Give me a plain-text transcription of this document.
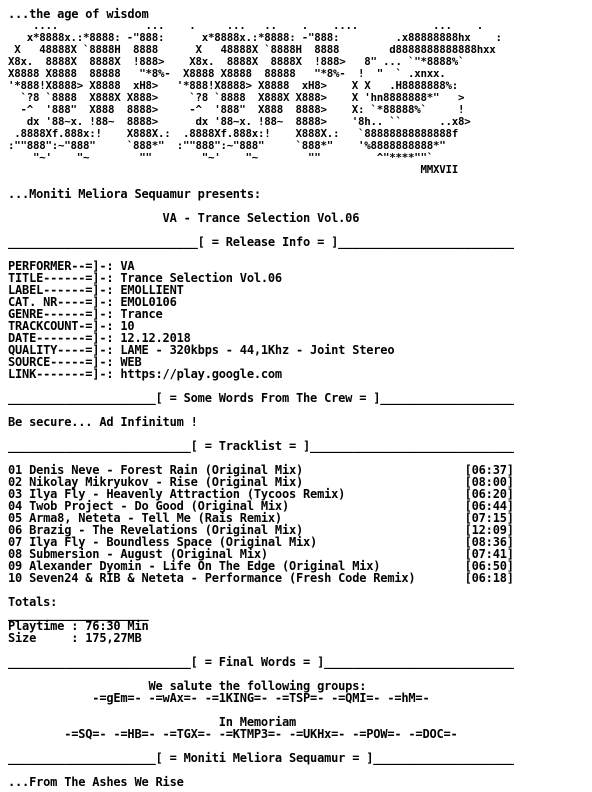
...the age of wisdom
....              ...    .     ...   ..    .    ....            ...    .
x*8888x.:*8888: -"888:      x*8888x.:*8888: -"888:         .x88888888hx    :
X   48888X `8888H  8888      X   48888X `8888H  8888        d8888888888888hxx
X8x.  8888X  8888X  !888>    X8x.  8888X  8888X  !888>   8" ... `"*8888%`
X8888 X8888  88888   "*8%-  X8888 X8888  88888   "*8%-  !  "  ` .xnxx.
'*888!X8888> X8888  xH8>   '*888!X8888> X8888  xH8>    X X   .H8888888%:
`?8 `8888  X888X X888>     `?8 `8888  X888X X888>    X 'hn8888888*"   >
-^  '888"  X888  8888>     -^  '888"  X888  8888>    X: `*88888%`     !
dx '88~x. !88~  8888>      dx '88~x. !88~  8888>    '8h.. ``      ..x8>
.8888Xf.888x:!    X888X.:  .8888Xf.888x:!    X888X.:   `88888888888888f
:""888":~"888"     `888*"  :""888":~"888"     `888*"    '%8888888888*"
"~'    "~        ""        "~'    "~        ""         ^"****""`
MMXVII
...Moniti Meliora Sequamur presents:
VA - Trance Selection Vol.06
___________________________[ = Release Info = ]_________________________
PERFORMER--=]-: VA
TITLE------=]-: Trance Selection Vol.06
LABEL------=]-: EMOLLIENT
CAT. NR----=]-: EMOL0106
GENRE------=]-: Trance
TRACKCOUNT-=]-: 10
DATE-------=]-: 12.12.2018
QUALITY----=]-: LAME - 320kbps - 44,1Khz - Joint Stereo
SOURCE-----=]-: WEB
LINK-------=]-: https://play.google.com
_____________________[ = Some Words From The Crew = ]___________________
Be secure... Ad Infinitum !
__________________________[ = Tracklist = ]_____________________________
01 Denis Neve - Forest Rain (Original Mix)                       [06:37]
02 Nikolay Mikryukov - Rise (Original Mix)                       [08:00]
03 Ilya Fly - Heavenly Attraction (Tycoos Remix)                 [06:20]
04 Twob Project - Do Good (Original Mix)                         [06:44]
05 Arma8, Neteta - Tell Me (Rais Remix)                          [07:15]
06 Brazig - The Revelations (Original Mix)                       [12:09]
07 Ilya Fly - Boundless Space (Original Mix)                     [08:36]
08 Submersion - August (Original Mix)                            [07:41]
09 Alexander Dyomin - Life On The Edge (Original Mix)            [06:50]
10 Seven24 & RIB & Neteta - Performance (Fresh Code Remix)       [06:18]
Totals:
____________________
Playtime : 76:30 Min
Size     : 175,27MB
__________________________[ = Final Words = ]___________________________
We salute the following groups:
-=gEm=- -=wAx=- -=1KING=- -=TSP=- -=QMI=- -=hM=-
In Memoriam
-=SQ=- -=HB=- -=TGX=- -=KTMP3=- -=UKHx=- -=POW=- -=DOC=-
_____________________[ = Moniti Meliora Sequamur = ]____________________
...From The Ashes We Rise
